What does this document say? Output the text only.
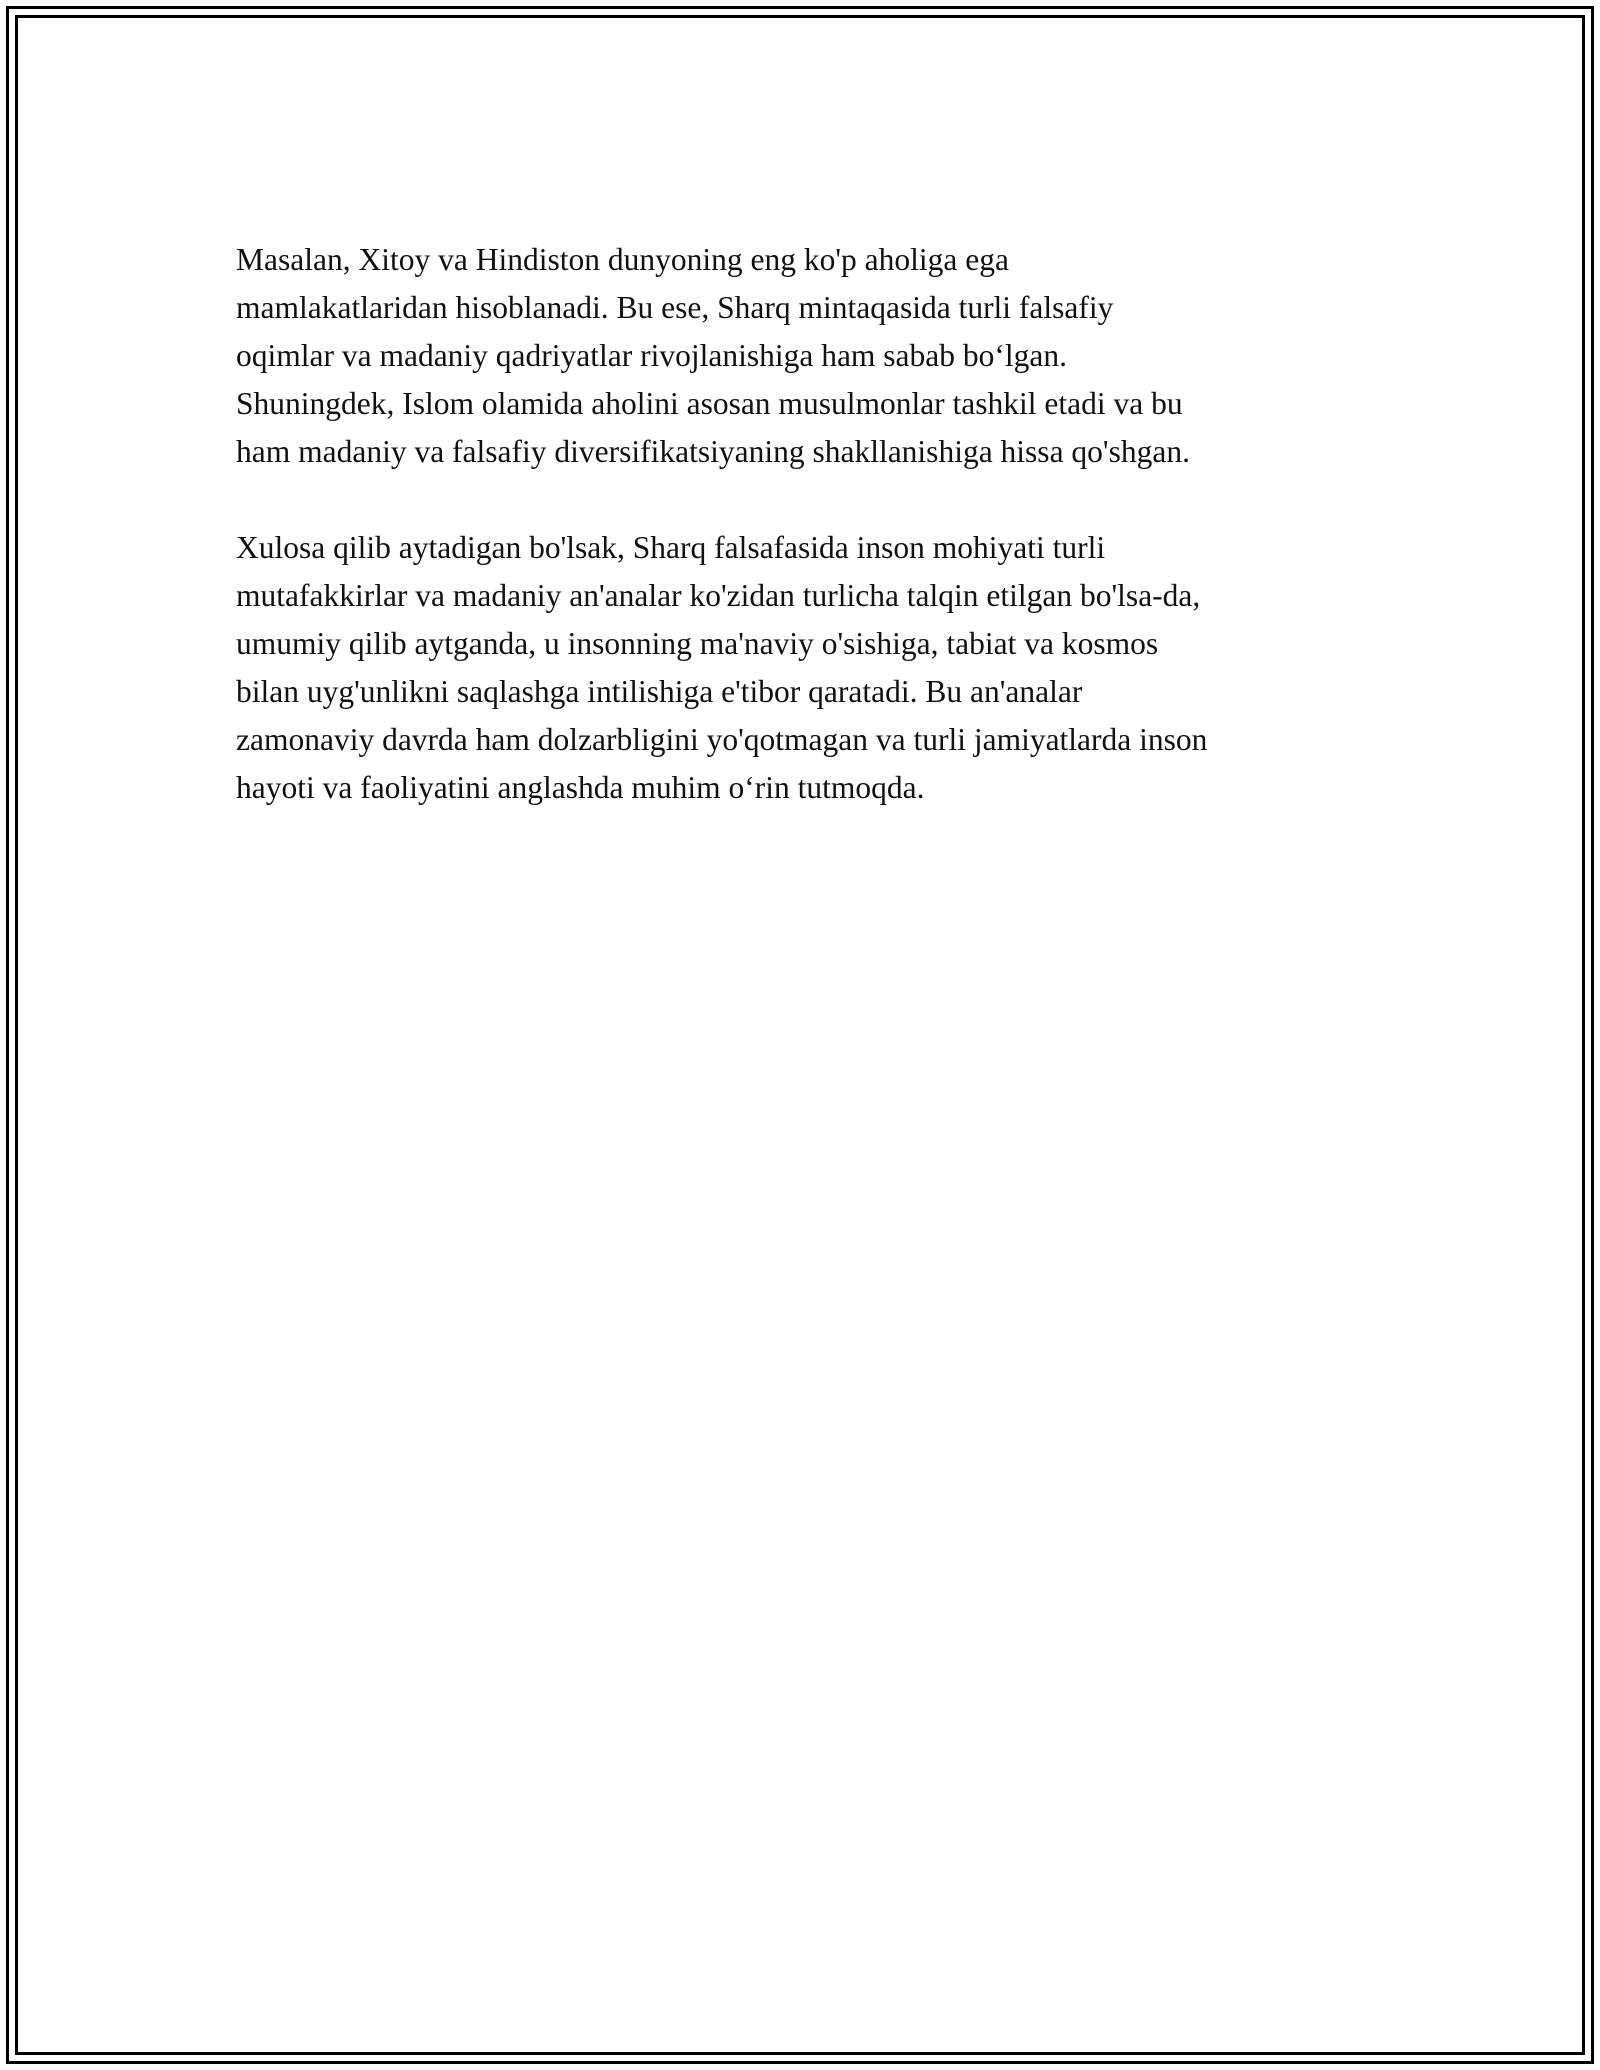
Masalan, Xitoy va Hindiston dunyoning eng ko'p aholiga ega
mamlakatlaridan hisoblanadi. Bu ese, Sharq mintaqasida turli falsafiy
oqimlar va madaniy qadriyatlar rivojlanishiga ham sabab bo‘lgan.
Shuningdek, Islom olamida aholini asosan musulmonlar tashkil etadi va bu
ham madaniy va falsafiy diversifikatsiyaning shakllanishiga hissa qo'shgan.

Xulosa qilib aytadigan bo'lsak, Sharq falsafasida inson mohiyati turli
mutafakkirlar va madaniy an'analar ko'zidan turlicha talqin etilgan bo'lsa-da,
umumiy qilib aytganda, u insonning ma'naviy o'sishiga, tabiat va kosmos
bilan uyg'unlikni saqlashga intilishiga e'tibor qaratadi. Bu an'analar
zamonaviy davrda ham dolzarbligini yo'qotmagan va turli jamiyatlarda inson
hayoti va faoliyatini anglashda muhim o‘rin tutmoqda.
